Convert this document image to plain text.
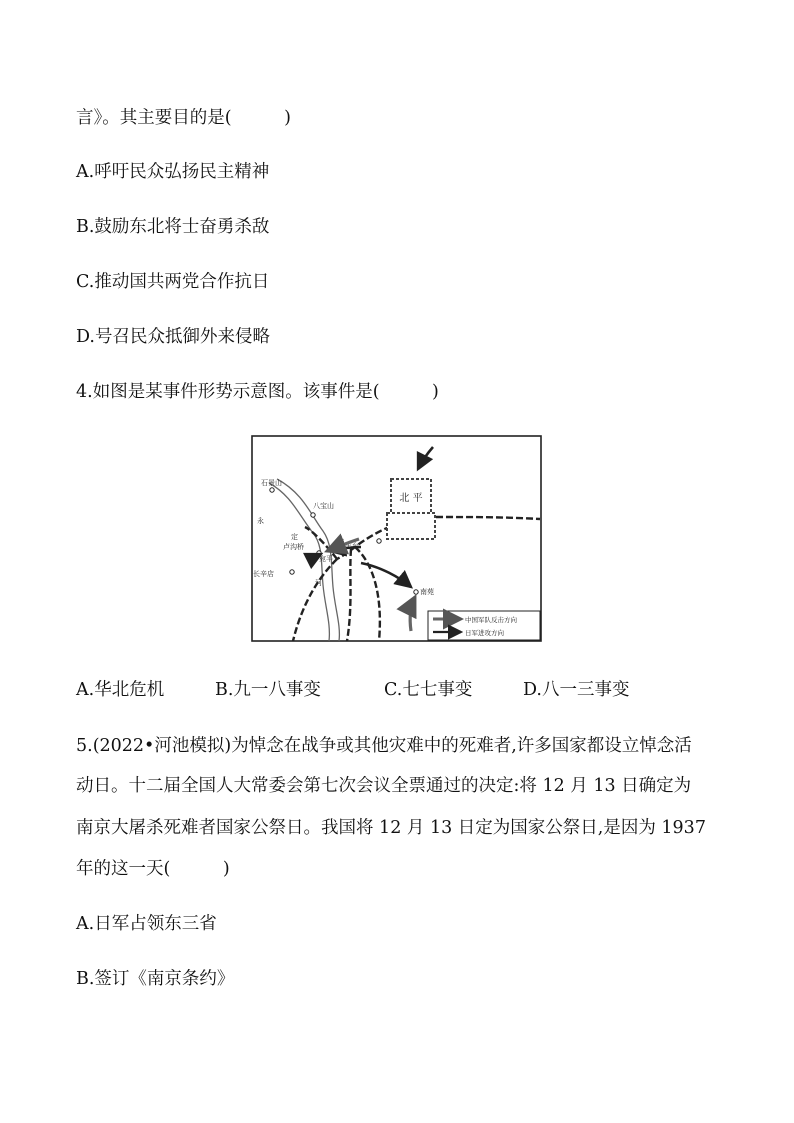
言》。其主要目的是(　　　)
A.呼吁民众弘扬民主精神
B.鼓励东北将士奋勇杀敌
C.推动国共两党合作抗日
D.号召民众抵御外来侵略
4.如图是某事件形势示意图。该事件是(　　　)
北 平
石景山
八宝山
永
定
卢沟桥
宛平
丰台
长辛店
河
南苑
中国军队反击方向
日军进攻方向
A.华北危机	B.九一八事变	C.七七事变	D.八一三事变
5.(2022•河池模拟)为悼念在战争或其他灾难中的死难者,许多国家都设立悼念活
动日。十二届全国人大常委会第七次会议全票通过的决定:将 12 月 13 日确定为
南京大屠杀死难者国家公祭日。我国将 12 月 13 日定为国家公祭日,是因为 1937
年的这一天(　　　)
A.日军占领东三省
B.签订《南京条约》
